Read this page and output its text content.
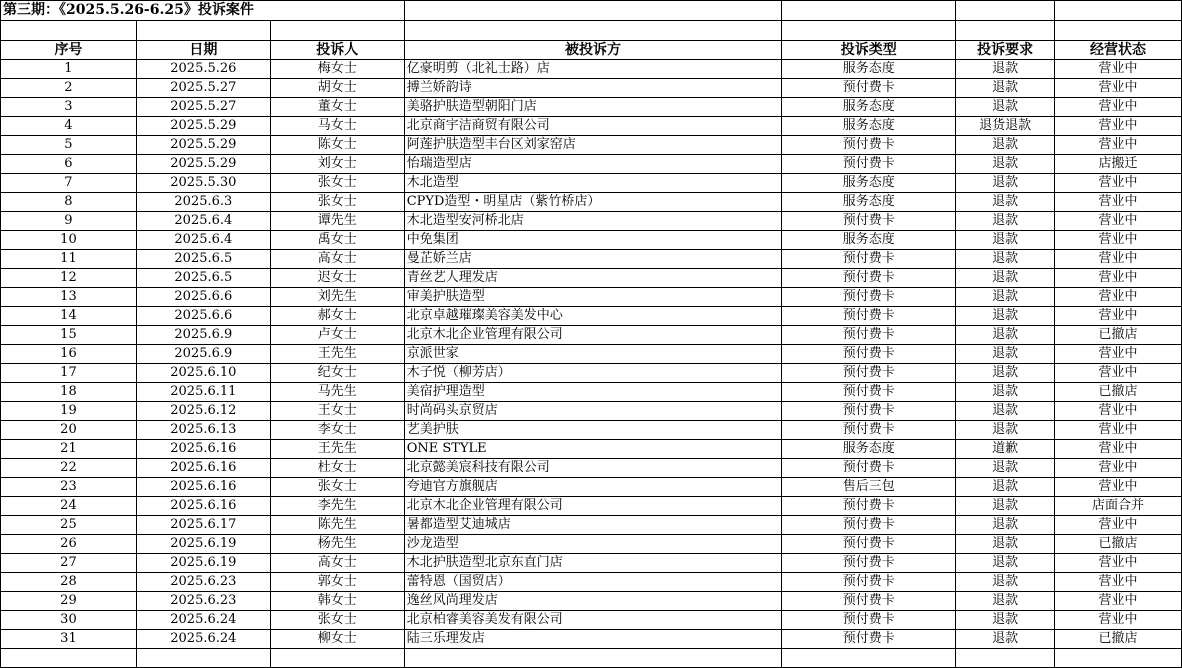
第三期：《2025.5.26-6.25》投诉案件						

序号	日期	投诉人	被投诉方	投诉类型	投诉要求	经营状态
1	2025.5.26	梅女士	亿豪明剪（北礼士路）店	服务态度	退款	营业中
2	2025.5.27	胡女士	搏兰娇韵诗	预付费卡	退款	营业中
3	2025.5.27	董女士	美骆护肤造型朝阳门店	服务态度	退款	营业中
4	2025.5.29	马女士	北京商宇洁商贸有限公司	服务态度	退货退款	营业中
5	2025.5.29	陈女士	阿莲护肤造型丰台区刘家窑店	预付费卡	退款	营业中
6	2025.5.29	刘女士	怡瑞造型店	预付费卡	退款	店搬迁
7	2025.5.30	张女士	木北造型	服务态度	退款	营业中
8	2025.6.3	张女士	CPYD造型・明星店（紫竹桥店）	服务态度	退款	营业中
9	2025.6.4	谭先生	木北造型安河桥北店	预付费卡	退款	营业中
10	2025.6.4	禹女士	中免集团	服务态度	退款	营业中
11	2025.6.5	高女士	曼芷娇兰店	预付费卡	退款	营业中
12	2025.6.5	迟女士	青丝艺人理发店	预付费卡	退款	营业中
13	2025.6.6	刘先生	审美护肤造型	预付费卡	退款	营业中
14	2025.6.6	郝女士	北京卓越璀璨美容美发中心	预付费卡	退款	营业中
15	2025.6.9	卢女士	北京木北企业管理有限公司	预付费卡	退款	已撤店
16	2025.6.9	王先生	京派世家	预付费卡	退款	营业中
17	2025.6.10	纪女士	木子悦（柳芳店）	预付费卡	退款	营业中
18	2025.6.11	马先生	美宿护理造型	预付费卡	退款	已撤店
19	2025.6.12	王女士	时尚码头京贸店	预付费卡	退款	营业中
20	2025.6.13	李女士	艺美护肤	预付费卡	退款	营业中
21	2025.6.16	王先生	ONE STYLE	服务态度	道歉	营业中
22	2025.6.16	杜女士	北京懿美宸科技有限公司	预付费卡	退款	营业中
23	2025.6.16	张女士	夸迪官方旗舰店	售后三包	退款	营业中
24	2025.6.16	李先生	北京木北企业管理有限公司	预付费卡	退款	店面合并
25	2025.6.17	陈先生	暑都造型艾迪城店	预付费卡	退款	营业中
26	2025.6.19	杨先生	沙龙造型	预付费卡	退款	已撤店
27	2025.6.19	高女士	木北护肤造型北京东直门店	预付费卡	退款	营业中
28	2025.6.23	郭女士	蕾特恩（国贸店）	预付费卡	退款	营业中
29	2025.6.23	韩女士	逸丝风尚理发店	预付费卡	退款	营业中
30	2025.6.24	张女士	北京柏睿美容美发有限公司	预付费卡	退款	营业中
31	2025.6.24	柳女士	陆三乐理发店	预付费卡	退款	已撤店
